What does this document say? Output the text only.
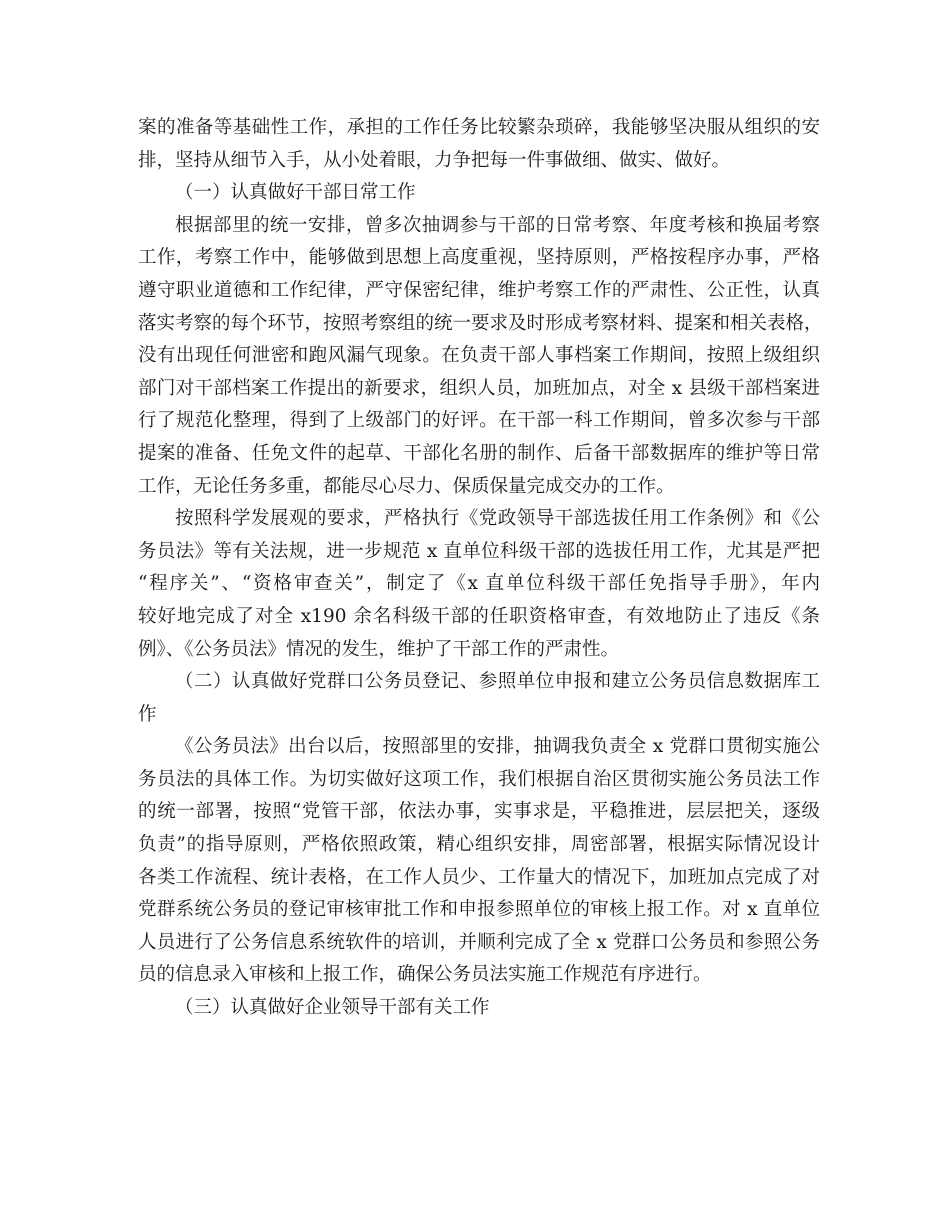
案的准备等基础性工作，承担的工作任务比较繁杂琐碎，我能够坚决服从组织的安
排，坚持从细节入手，从小处着眼，力争把每一件事做细、做实、做好。
（一）认真做好干部日常工作
根据部里的统一安排，曾多次抽调参与干部的日常考察、年度考核和换届考察
工作，考察工作中，能够做到思想上高度重视，坚持原则，严格按程序办事，严格
遵守职业道德和工作纪律，严守保密纪律，维护考察工作的严肃性、公正性，认真
落实考察的每个环节，按照考察组的统一要求及时形成考察材料、提案和相关表格，
没有出现任何泄密和跑风漏气现象。在负责干部人事档案工作期间，按照上级组织
部门对干部档案工作提出的新要求，组织人员，加班加点，对全 x 县级干部档案进
行了规范化整理，得到了上级部门的好评。在干部一科工作期间，曾多次参与干部
提案的准备、任免文件的起草、干部化名册的制作、后备干部数据库的维护等日常
工作，无论任务多重，都能尽心尽力、保质保量完成交办的工作。
按照科学发展观的要求，严格执行《党政领导干部选拔任用工作条例》和《公
务员法》等有关法规，进一步规范 x 直单位科级干部的选拔任用工作，尤其是严把
“程序关”、“资格审查关”，制定了《x 直单位科级干部任免指导手册》，年内
较好地完成了对全 x190 余名科级干部的任职资格审查，有效地防止了违反《条
例》、《公务员法》情况的发生，维护了干部工作的严肃性。
（二）认真做好党群口公务员登记、参照单位申报和建立公务员信息数据库工
作
《公务员法》出台以后，按照部里的安排，抽调我负责全 x 党群口贯彻实施公
务员法的具体工作。为切实做好这项工作，我们根据自治区贯彻实施公务员法工作
的统一部署，按照“党管干部，依法办事，实事求是，平稳推进，层层把关，逐级
负责”的指导原则，严格依照政策，精心组织安排，周密部署，根据实际情况设计
各类工作流程、统计表格，在工作人员少、工作量大的情况下，加班加点完成了对
党群系统公务员的登记审核审批工作和申报参照单位的审核上报工作。对 x 直单位
人员进行了公务信息系统软件的培训，并顺利完成了全 x 党群口公务员和参照公务
员的信息录入审核和上报工作，确保公务员法实施工作规范有序进行。
（三）认真做好企业领导干部有关工作
